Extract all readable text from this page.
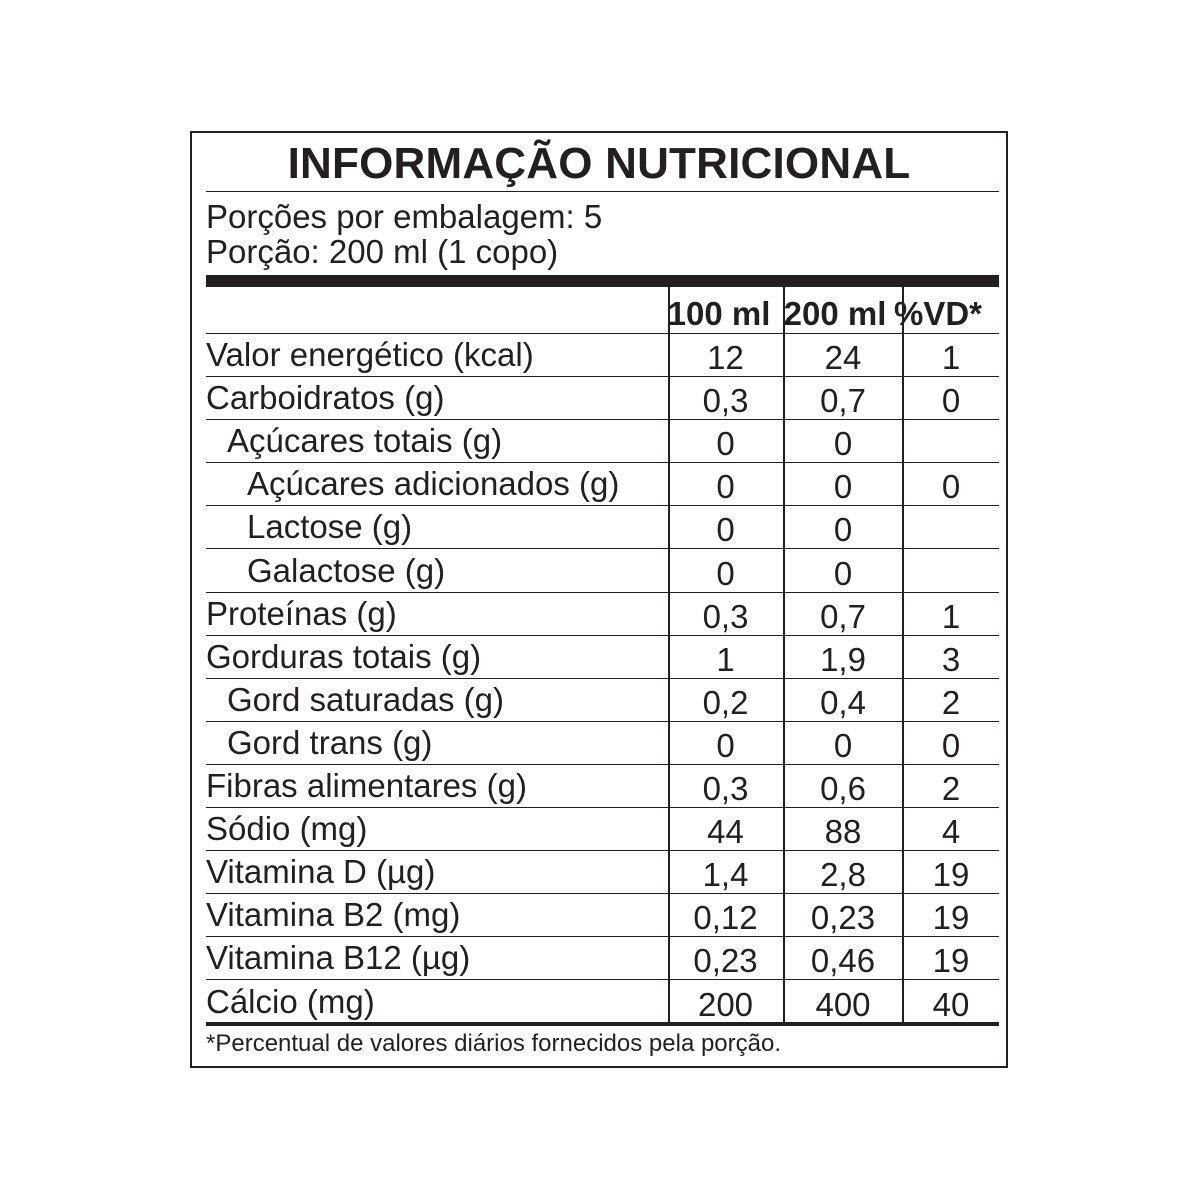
INFORMAÇÃO NUTRICIONAL
Porções por embalagem: 5
Porção: 200 ml (1 copo)
100 ml 200 ml %VD*
Valor energético (kcal)	12	24	1
Carboidratos (g)	0,3	0,7	0
Açúcares totais (g)	0	0
Açúcares adicionados (g)	0	0	0
Lactose (g)	0	0
Galactose (g)	0	0
Proteínas (g)	0,3	0,7	1
Gorduras totais (g)	1	1,9	3
Gord saturadas (g)	0,2	0,4	2
Gord trans (g)	0	0	0
Fibras alimentares (g)	0,3	0,6	2
Sódio (mg)	44	88	4
Vitamina D (µg)	1,4	2,8	19
Vitamina B2 (mg)	0,12	0,23	19
Vitamina B12 (µg)	0,23	0,46	19
Cálcio (mg)	200	400	40
*Percentual de valores diários fornecidos pela porção.
